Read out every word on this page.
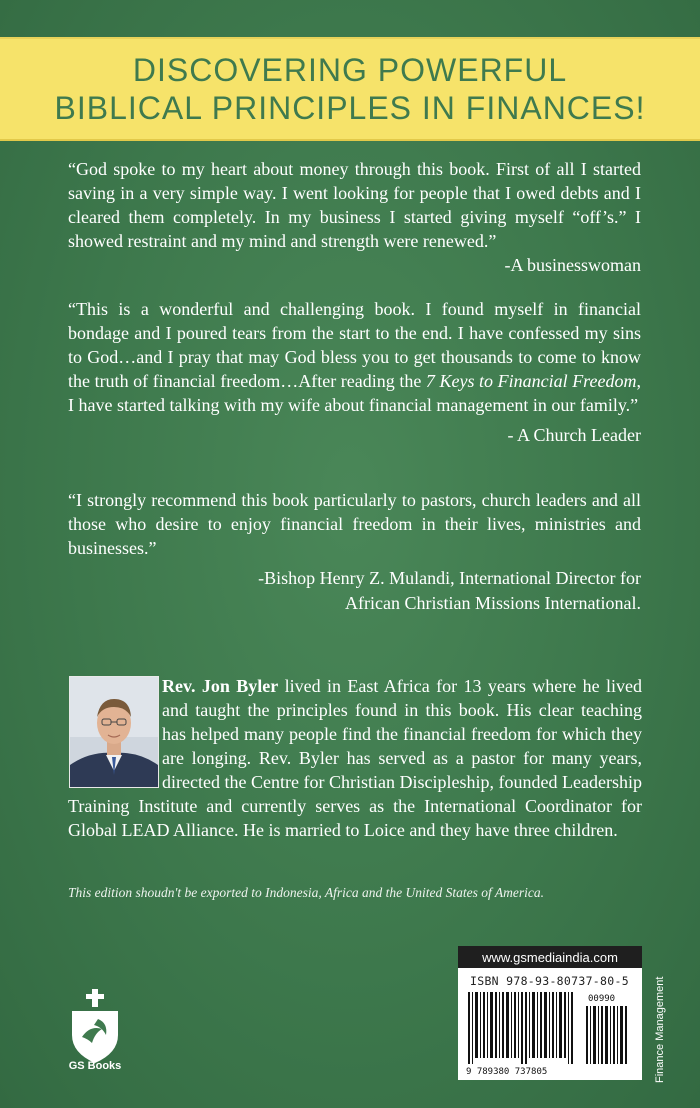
DISCOVERING POWERFUL
BIBLICAL PRINCIPLES IN FINANCES!

“God spoke to my heart about money through this book. First of all I started saving in a very simple way. I went looking for people that I owed debts and I cleared them completely. In my business I started giving myself “off’s.” I showed restraint and my mind and strength were renewed.”

-A businesswoman

“This is a wonderful and challenging book. I found myself in financial bondage and I poured tears from the start to the end. I have confessed my sins to God…and I pray that may God bless you to get thousands to come to know the truth of financial freedom…After reading the 7 Keys to Financial Freedom, I have started talking with my wife about financial management in our family.”

- A Church Leader

“I strongly recommend this book particularly to pastors, church leaders and all those who desire to enjoy financial freedom in their lives, ministries and businesses.”

-Bishop Henry Z. Mulandi, International Director for
African Christian Missions International.
Rev. Jon Byler lived in East Africa for 13 years where he lived and taught the principles found in this book. His clear teaching has helped many people find the financial freedom for which they are longing. Rev. Byler has served as a pastor for many years, directed the Centre for Christian Discipleship, founded Leadership Training Institute and currently serves as the International Coordinator for Global LEAD Alliance. He is married to Loice and they have three children.
This edition shoudn't be exported to Indonesia, Africa and the United States of America.
GS Books
www.gsmediaindia.com
ISBN 978-93-80737-80-5
9 789380 737805
00990	Finance Management
